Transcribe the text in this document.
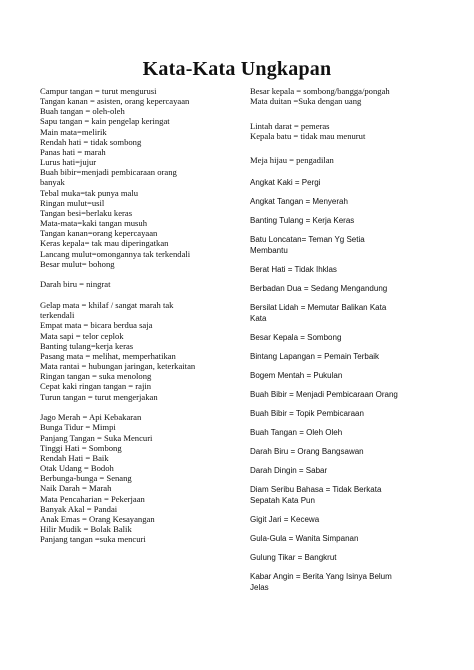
Kata-Kata Ungkapan
Campur tangan = turut mengurusi
Tangan kanan = asisten, orang kepercayaan
Buah tangan = oleh-oleh
Sapu tangan = kain pengelap keringat
Main mata=melirik
Rendah hati = tidak sombong
Panas hati = marah
Lurus hati=jujur
Buah bibir=menjadi pembicaraan orang
banyak
Tebal muka=tak punya malu
Ringan mulut=usil
Tangan besi=berlaku keras
Mata-mata=kaki tangan musuh
Tangan kanan=orang kepercayaan
Keras kepala= tak mau diperingatkan
Lancang mulut=omongannya tak terkendali
Besar mulut= bohong
Darah biru = ningrat
Gelap mata = khilaf / sangat marah tak
terkendali
Empat mata = bicara berdua saja
Mata sapi = telor ceplok
Banting tulang=kerja keras
Pasang mata = melihat, memperhatikan
Mata rantai = hubungan jaringan, keterkaitan
Ringan tangan = suka menolong
Cepat kaki ringan tangan = rajin
Turun tangan = turut mengerjakan
Jago Merah = Api Kebakaran
Bunga Tidur = Mimpi
Panjang Tangan = Suka Mencuri
Tinggi Hati = Sombong
Rendah Hati = Baik
Otak Udang = Bodoh
Berbunga-bunga = Senang
Naik Darah = Marah
Mata Pencaharian = Pekerjaan
Banyak Akal = Pandai
Anak Emas = Orang Kesayangan
Hilir Mudik = Bolak Balik
Panjang tangan =suka mencuri
Besar kepala = sombong/bangga/pongah
Mata duitan =Suka dengan uang
Lintah darat = pemeras
Kepala batu = tidak mau menurut
Meja hijau = pengadilan
Angkat Kaki = Pergi
Angkat Tangan = Menyerah
Banting Tulang = Kerja Keras
Batu Loncatan= Teman Yg Setia
Membantu
Berat Hati = Tidak Ihklas
Berbadan Dua = Sedang Mengandung
Bersilat Lidah = Memutar Balikan Kata
Kata
Besar Kepala = Sombong
Bintang Lapangan = Pemain Terbaik
Bogem Mentah = Pukulan
Buah Bibir = Menjadi Pembicaraan Orang
Buah Bibir = Topik Pembicaraan
Buah Tangan = Oleh Oleh
Darah Biru = Orang Bangsawan
Darah Dingin = Sabar
Diam Seribu Bahasa = Tidak Berkata
Sepatah Kata Pun
Gigit Jari = Kecewa
Gula-Gula = Wanita Simpanan
Gulung Tikar = Bangkrut
Kabar Angin = Berita Yang Isinya Belum
Jelas
